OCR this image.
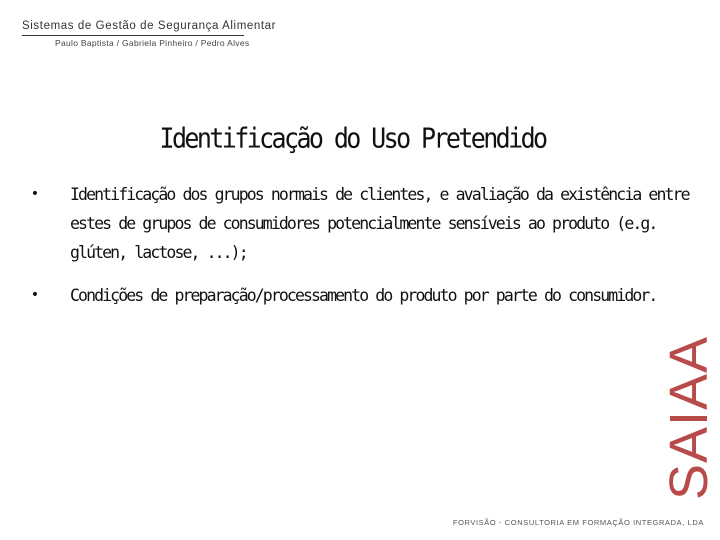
Sistemas de Gestão de Segurança Alimentar
Paulo Baptista / Gabriela Pinheiro / Pedro Alves
Identificação do Uso Pretendido
• Identificação dos grupos normais de clientes, e avaliação da existência entre estes de grupos de consumidores potencialmente sensíveis ao produto (e.g. glúten, lactose, ...);
• Condições de preparação/processamento do produto por parte do consumidor.
SAIAA
FORVISÃO - CONSULTORIA EM FORMAÇÃO INTEGRADA, LDA
